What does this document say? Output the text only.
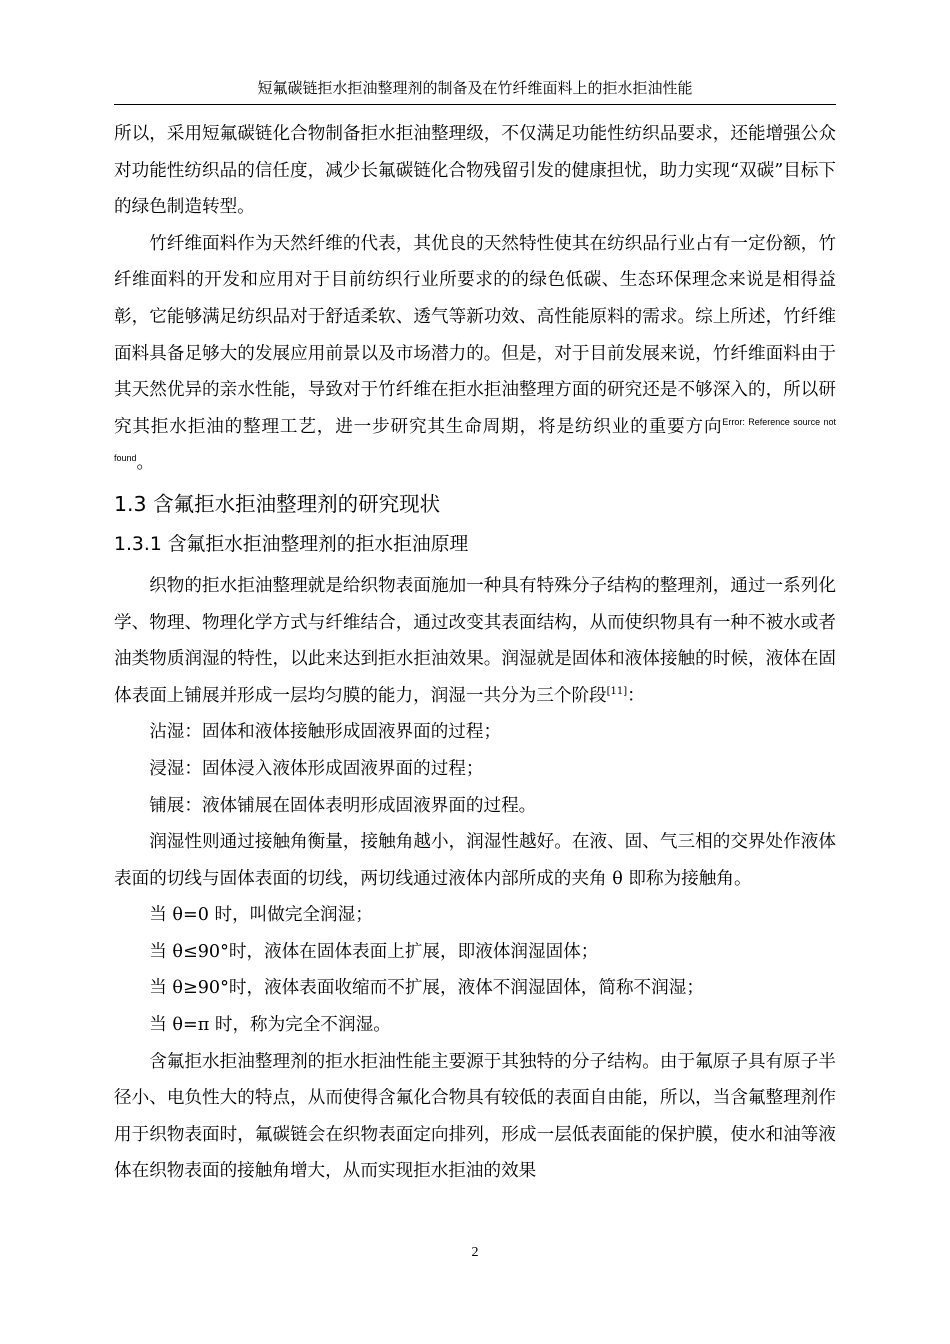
短氟碳链拒水拒油整理剂的制备及在竹纤维面料上的拒水拒油性能

所以，采用短氟碳链化合物制备拒水拒油整理级，不仅满足功能性纺织品要求，还能增强公众对功能性纺织品的信任度，减少长氟碳链化合物残留引发的健康担忧，助力实现“双碳”目标下的绿色制造转型。

竹纤维面料作为天然纤维的代表，其优良的天然特性使其在纺织品行业占有一定份额，竹纤维面料的开发和应用对于目前纺织行业所要求的的绿色低碳、生态环保理念来说是相得益彰，它能够满足纺织品对于舒适柔软、透气等新功效、高性能原料的需求。综上所述，竹纤维面料具备足够大的发展应用前景以及市场潜力的。但是，对于目前发展来说，竹纤维面料由于其天然优异的亲水性能，导致对于竹纤维在拒水拒油整理方面的研究还是不够深入的，所以研究其拒水拒油的整理工艺，进一步研究其生命周期，将是纺织业的重要方向$^{Error: Reference source not found}$。

1.3 含氟拒水拒油整理剂的研究现状
1.3.1 含氟拒水拒油整理剂的拒水拒油原理

织物的拒水拒油整理就是给织物表面施加一种具有特殊分子结构的整理剂，通过一系列化学、物理、物理化学方式与纤维结合，通过改变其表面结构，从而使织物具有一种不被水或者油类物质润湿的特性，以此来达到拒水拒油效果。润湿就是固体和液体接触的时候，液体在固体表面上铺展并形成一层均匀膜的能力，润湿一共分为三个阶段[11]：

沾湿：固体和液体接触形成固液界面的过程；

浸湿：固体浸入液体形成固液界面的过程；

铺展：液体铺展在固体表明形成固液界面的过程。

润湿性则通过接触角衡量，接触角越小，润湿性越好。在液、固、气三相的交界处作液体表面的切线与固体表面的切线，两切线通过液体内部所成的夹角 θ 即称为接触角。

当 θ=0 时，叫做完全润湿；

当 θ≤90°时，液体在固体表面上扩展，即液体润湿固体；

当 θ≥90°时，液体表面收缩而不扩展，液体不润湿固体，简称不润湿；

当 θ=π 时，称为完全不润湿。

含氟拒水拒油整理剂的拒水拒油性能主要源于其独特的分子结构。由于氟原子具有原子半径小、电负性大的特点，从而使得含氟化合物具有较低的表面自由能，所以，当含氟整理剂作用于织物表面时，氟碳链会在织物表面定向排列，形成一层低表面能的保护膜，使水和油等液体在织物表面的接触角增大，从而实现拒水拒油的效果

2
